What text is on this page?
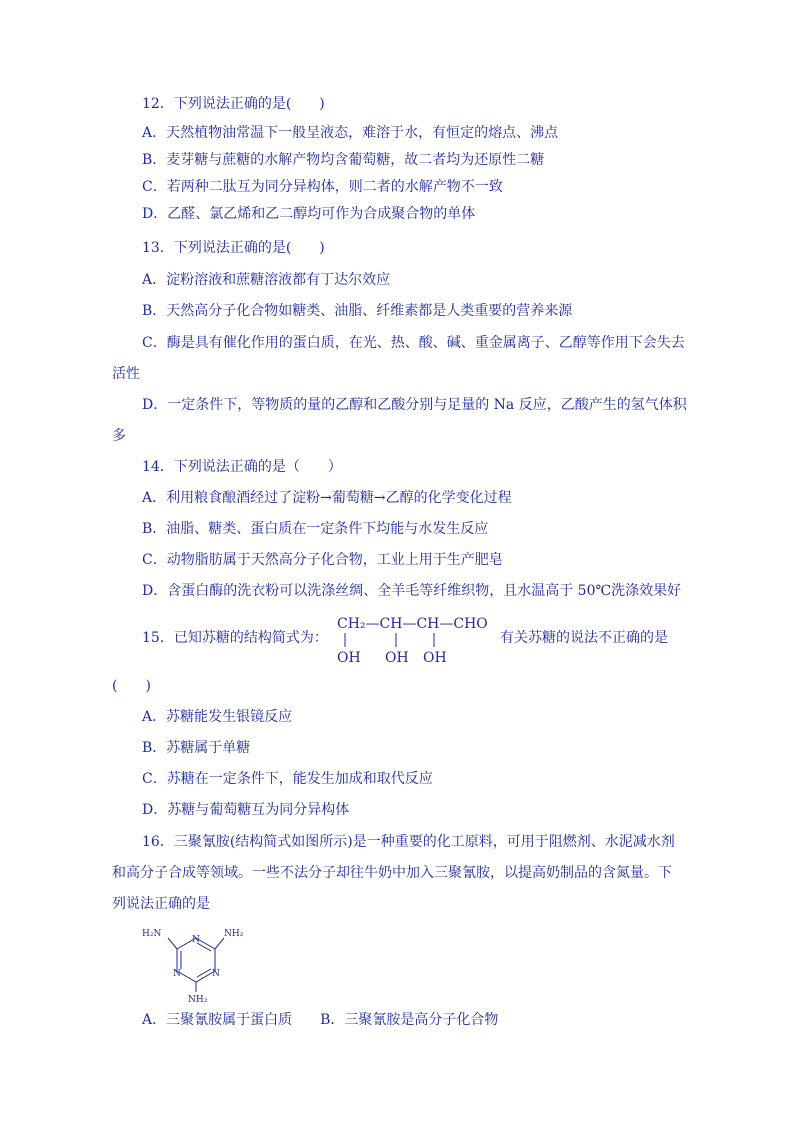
12．下列说法正确的是(　　)
A．天然植物油常温下一般呈液态，难溶于水，有恒定的熔点、沸点
B．麦芽糖与蔗糖的水解产物均含葡萄糖，故二者均为还原性二糖
C．若两种二肽互为同分异构体，则二者的水解产物不一致
D．乙醛、氯乙烯和乙二醇均可作为合成聚合物的单体
13．下列说法正确的是(　　)
A．淀粉溶液和蔗糖溶液都有丁达尔效应
B．天然高分子化合物如糖类、油脂、纤维素都是人类重要的营养来源
C．酶是具有催化作用的蛋白质，在光、热、酸、碱、重金属离子、乙醇等作用下会失去
活性
D．一定条件下，等物质的量的乙醇和乙酸分别与足量的 Na 反应，乙酸产生的氢气体积
多
14．下列说法正确的是（　　）
A．利用粮食酿酒经过了淀粉→葡萄糖→乙醇的化学变化过程
B．油脂、糖类、蛋白质在一定条件下均能与水发生反应
C．动物脂肪属于天然高分子化合物，工业上用于生产肥皂
D．含蛋白酶的洗衣粉可以洗涤丝绸、全羊毛等纤维织物，且水温高于 50℃洗涤效果好
15．已知苏糖的结构简式为：
CH₂—CH—CH—CHO
OH OH OH
有关苏糖的说法不正确的是
(　　)
A．苏糖能发生银镜反应
B．苏糖属于单糖
C．苏糖在一定条件下，能发生加成和取代反应
D．苏糖与葡萄糖互为同分异构体
16．三聚氰胺(结构简式如图所示)是一种重要的化工原料，可用于阻燃剂、水泥减水剂
和高分子合成等领域。一些不法分子却往牛奶中加入三聚氰胺，以提高奶制品的含氮量。下
列说法正确的是
N
N	N
H₂N	NH₂
NH₂
A．三聚氰胺属于蛋白质　　B．三聚氰胺是高分子化合物
